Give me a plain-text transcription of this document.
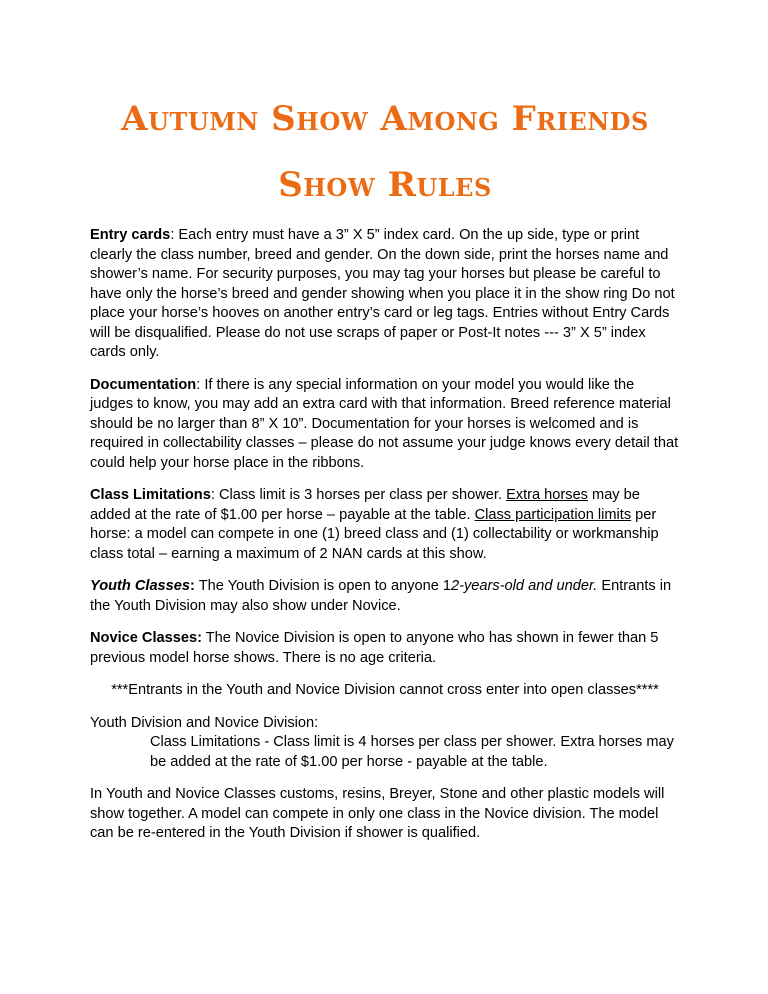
Autumn Show Among Friends
Show Rules

Entry cards: Each entry must have a 3” X 5” index card. On the up side, type or print clearly the class number, breed and gender. On the down side, print the horses name and shower’s name. For security purposes, you may tag your horses but please be careful to have only the horse’s breed and gender showing when you place it in the show ring Do not place your horse’s hooves on another entry’s card or leg tags. Entries without Entry Cards will be disqualified. Please do not use scraps of paper or Post-It notes --- 3” X 5” index cards only.

Documentation: If there is any special information on your model you would like the judges to know, you may add an extra card with that information. Breed reference material should be no larger than 8” X 10”. Documentation for your horses is welcomed and is required in collectability classes – please do not assume your judge knows every detail that could help your horse place in the ribbons.

Class Limitations: Class limit is 3 horses per class per shower. Extra horses may be added at the rate of $1.00 per horse – payable at the table. Class participation limits per horse: a model can compete in one (1) breed class and (1) collectability or workmanship class total – earning a maximum of 2 NAN cards at this show.

Youth Classes: The Youth Division is open to anyone 12-years-old and under. Entrants in the Youth Division may also show under Novice.

Novice Classes: The Novice Division is open to anyone who has shown in fewer than 5 previous model horse shows. There is no age criteria.

***Entrants in the Youth and Novice Division cannot cross enter into open classes****

Youth Division and Novice Division:

Class Limitations - Class limit is 4 horses per class per shower. Extra horses may be added at the rate of $1.00 per horse - payable at the table.

In Youth and Novice Classes customs, resins, Breyer, Stone and other plastic models will show together. A model can compete in only one class in the Novice division. The model can be re-entered in the Youth Division if shower is qualified.
